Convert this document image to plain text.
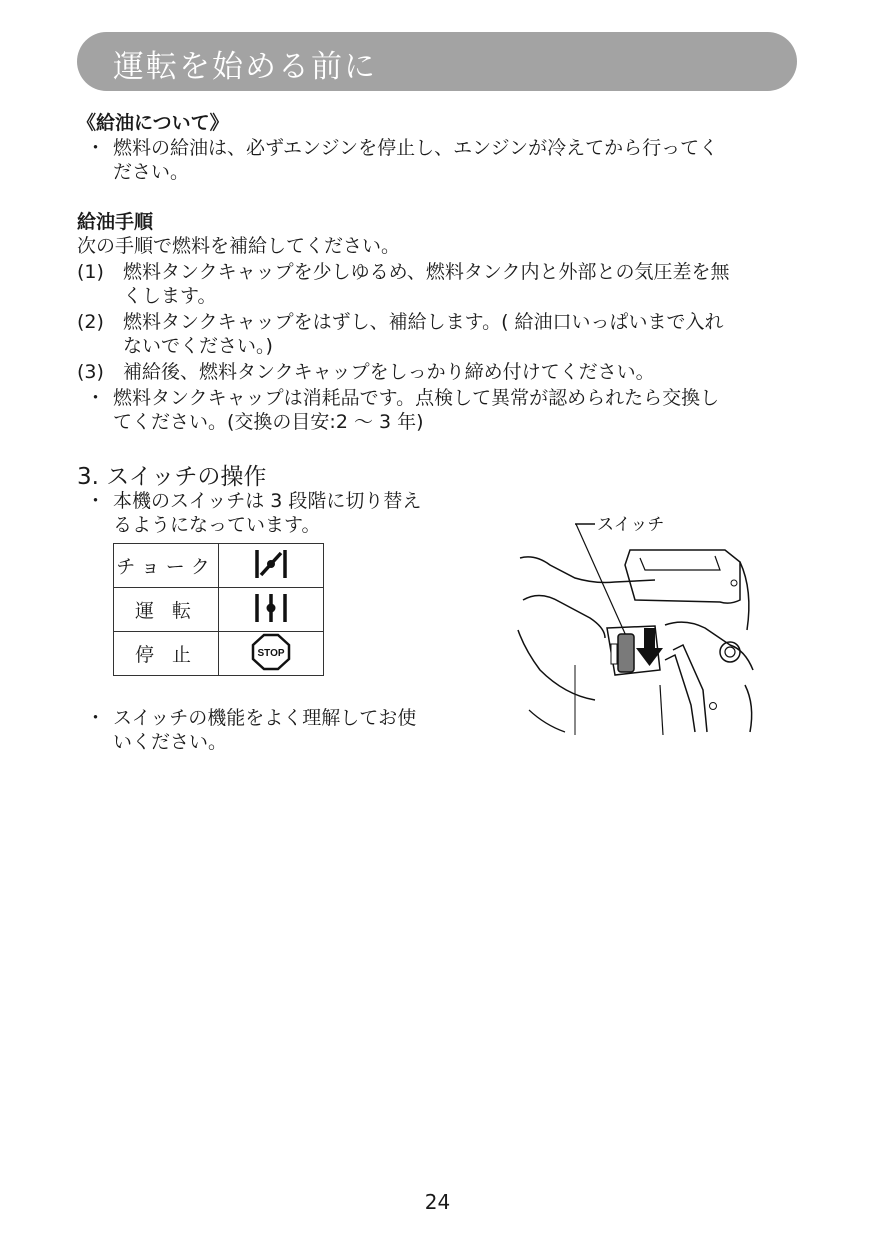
運転を始める前に
《給油について》
・ 燃料の給油は、必ずエンジンを停止し、エンジンが冷えてから行ってく
ださい。
給油手順
次の手順で燃料を補給してください。
(1) 燃料タンクキャップを少しゆるめ、燃料タンク内と外部との気圧差を無
くします。
(2) 燃料タンクキャップをはずし、補給します。( 給油口いっぱいまで入れ
ないでください。)
(3) 補給後、燃料タンクキャップをしっかり締め付けてください。
・ 燃料タンクキャップは消耗品です。点検して異常が認められたら交換し
てください。(交換の目安:2 ～ 3 年)
3. スイッチの操作
・ 本機のスイッチは 3 段階に切り替え
るようになっています。
チョーク	
運 転	
停 止	STOP
・ スイッチの機能をよく理解してお使
いください。
スイッチ
24
